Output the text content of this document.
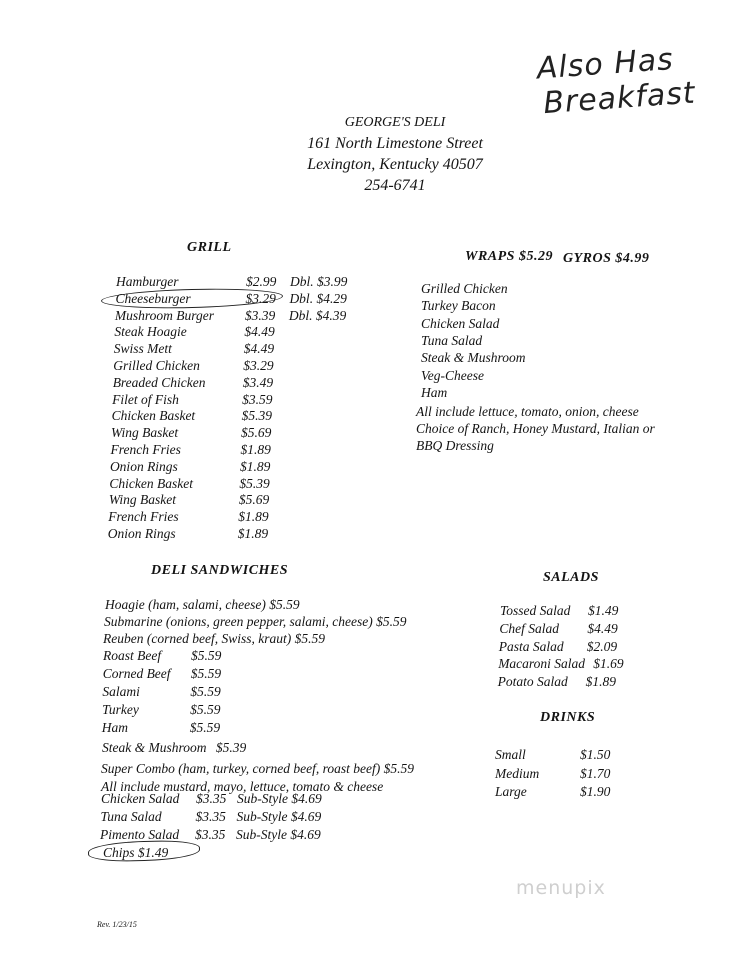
Also Has
Breakfast
GEORGE'S DELI
161 North Limestone Street
Lexington, Kentucky 40507
254-6741
GRILL
Hamburger	$2.99 Dbl. $3.99
Cheeseburger	$3.29 Dbl. $4.29
Mushroom Burger $3.39 Dbl. $4.39
Steak Hoagie	$4.49
Swiss Mett	$4.49
Grilled Chicken	$3.29
Breaded Chicken	$3.49
Filet of Fish	$3.59
Chicken Basket	$5.39
Wing Basket	$5.69
French Fries	$1.89
Onion Rings	$1.89
Chicken Basket	$5.39
Wing Basket	$5.69
French Fries	$1.89
Onion Rings	$1.89
WRAPS $5.29 GYROS $4.99
Grilled Chicken
Turkey Bacon
Chicken Salad
Tuna Salad
Steak & Mushroom
Veg-Cheese
Ham
All include lettuce, tomato, onion, cheese
Choice of Ranch, Honey Mustard, Italian or
BBQ Dressing
DELI SANDWICHES
Hoagie (ham, salami, cheese) $5.59
Submarine (onions, green pepper, salami, cheese) $5.59
Reuben (corned beef, Swiss, kraut) $5.59
Roast Beef $5.59
Corned Beef $5.59
Salami	$5.59
Turkey	$5.59
Ham	$5.59
Steak & Mushroom $5.39
Super Combo (ham, turkey, corned beef, roast beef) $5.59
All include mustard, mayo, lettuce, tomato & cheese
Chicken Salad $3.35 Sub-Style $4.69
Tuna Salad	$3.35 Sub-Style $4.69
Pimento Salad $3.35 Sub-Style $4.69
Chips $1.49
SALADS
Tossed Salad $1.49
Chef Salad $4.49
Pasta Salad $2.09
Macaroni Salad $1.69
Potato Salad $1.89
DRINKS
Small	$1.50
Medium	$1.70
Large	$1.90
menupix
Rev. 1/23/15
